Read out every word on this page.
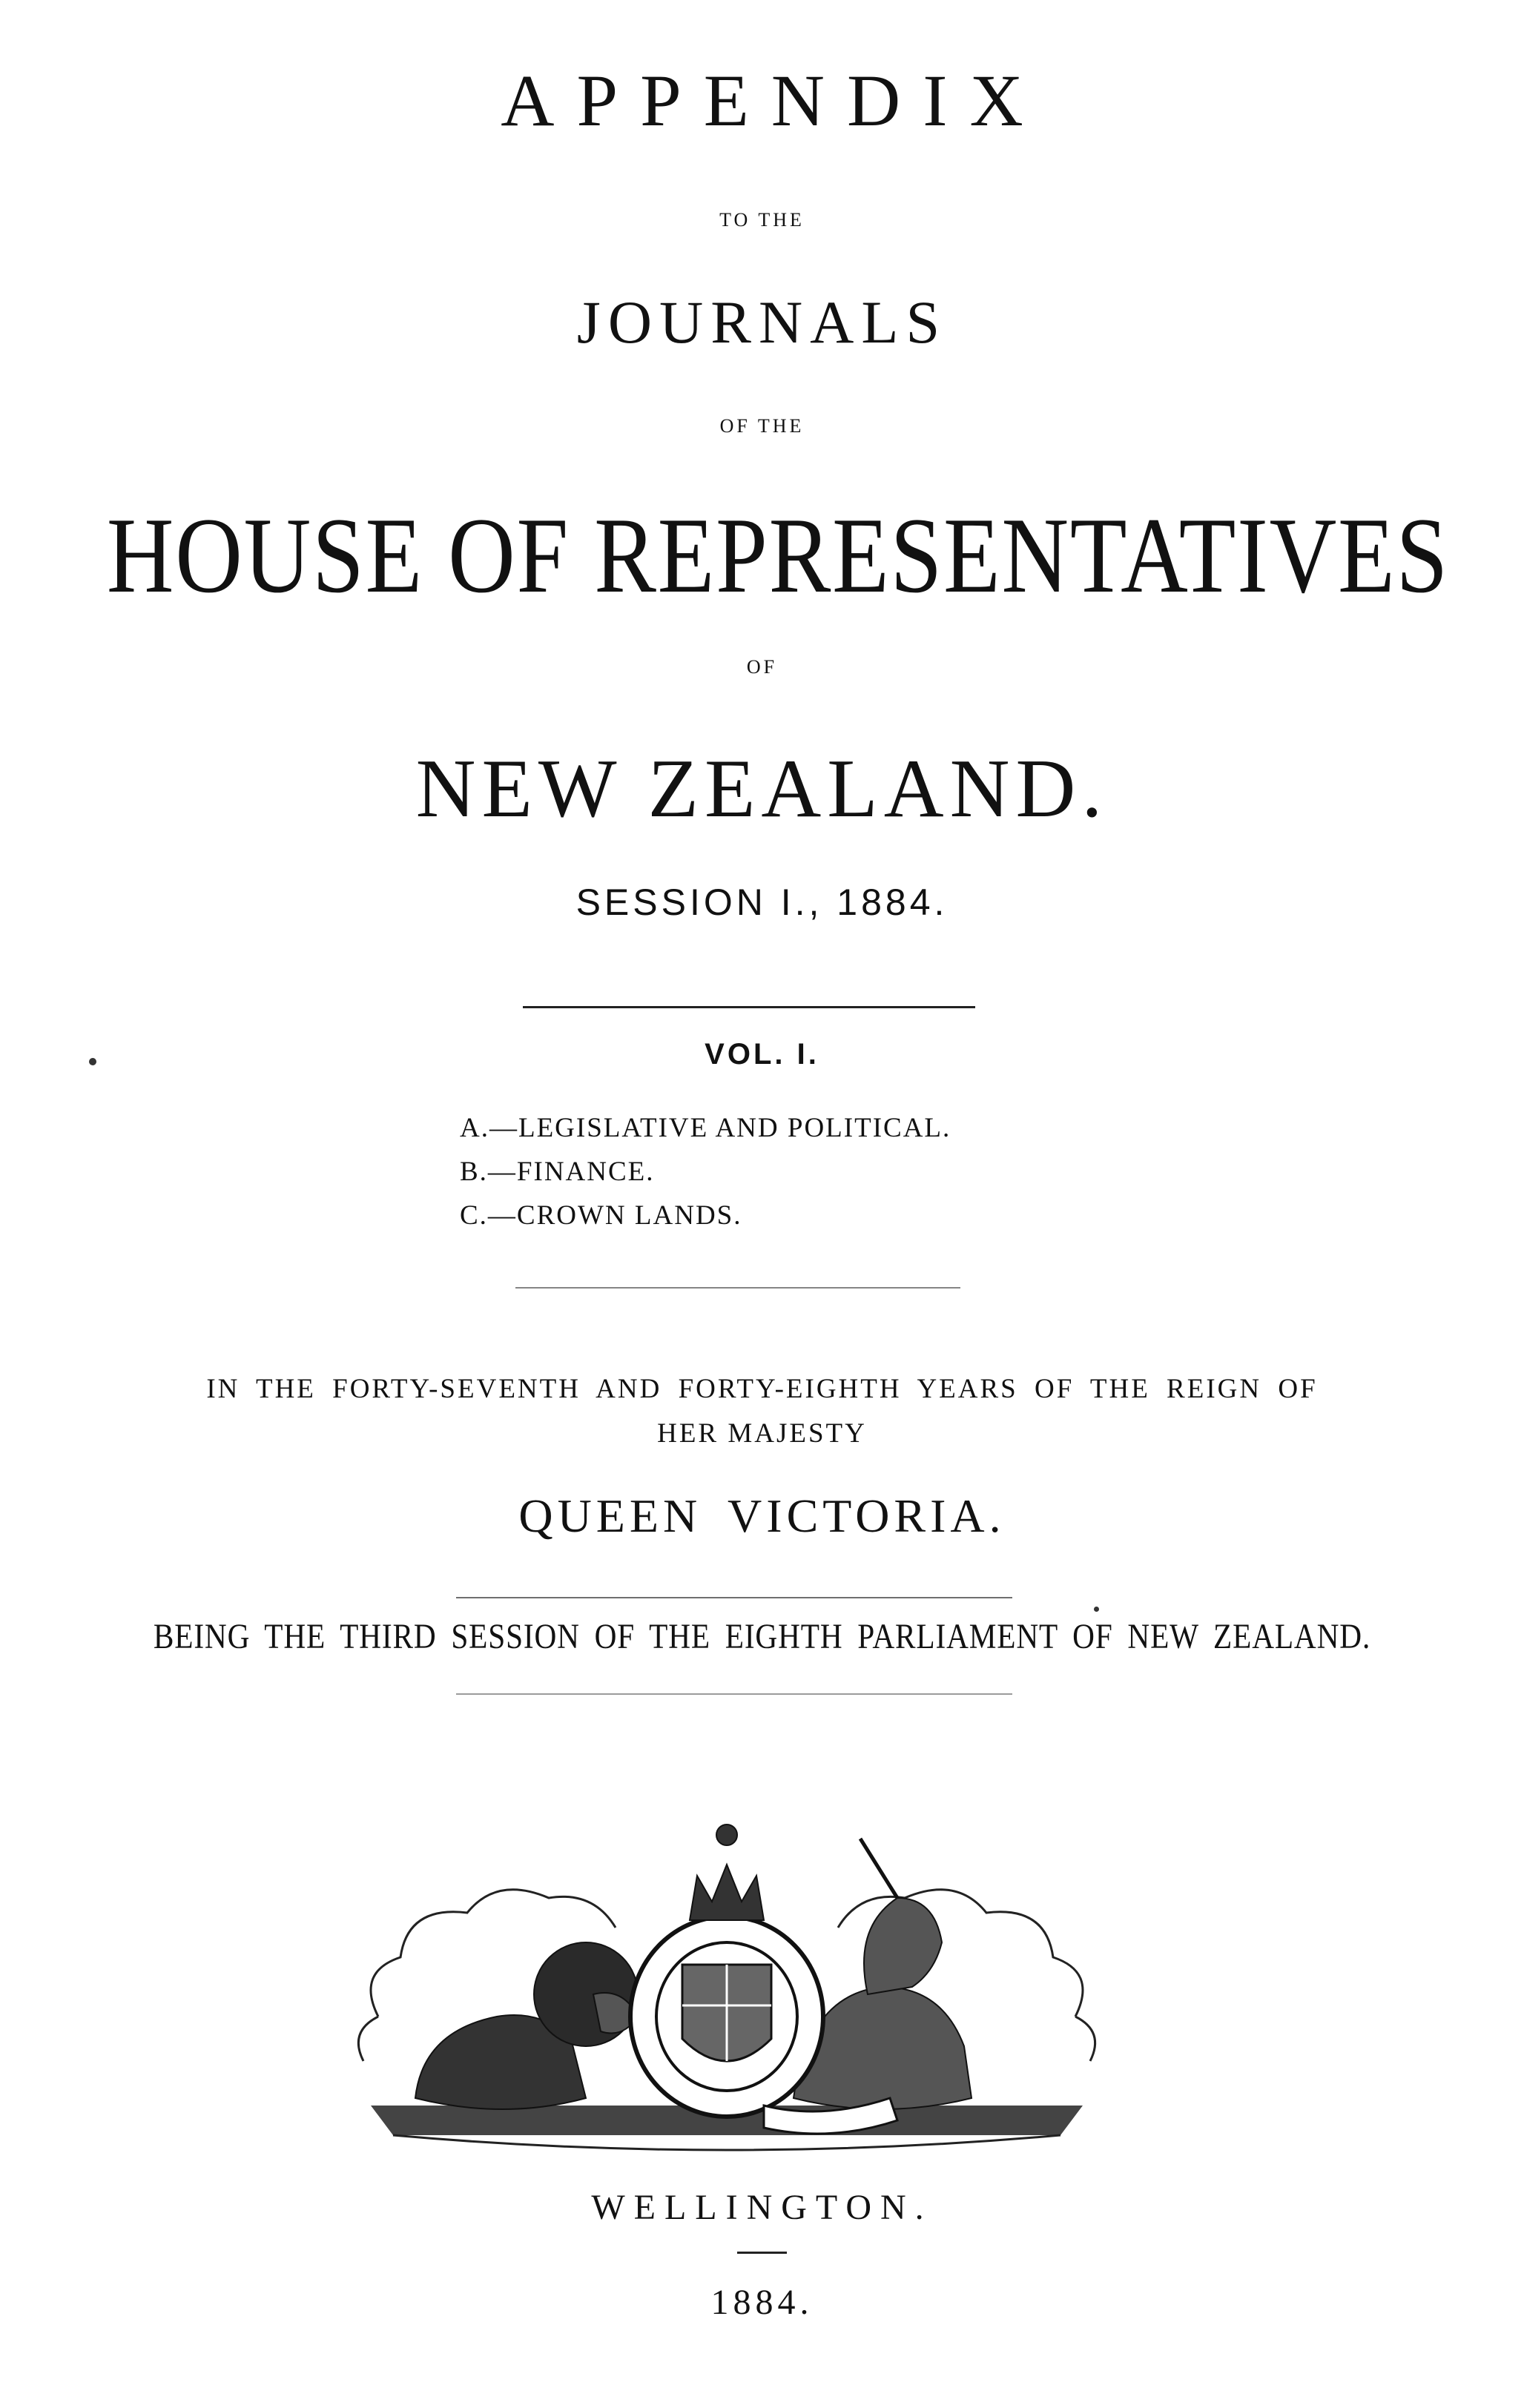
APPENDIX
TO THE
JOURNALS
OF THE
HOUSE OF REPRESENTATIVES
OF
NEW ZEALAND.
SESSION I., 1884.
VOL. I.
A.—LEGISLATIVE AND POLITICAL.
B.—FINANCE.
C.—CROWN LANDS.
IN THE FORTY-SEVENTH AND FORTY-EIGHTH YEARS OF THE REIGN OF
HER MAJESTY
QUEEN VICTORIA.
BEING THE THIRD SESSION OF THE EIGHTH PARLIAMENT OF NEW ZEALAND.
WELLINGTON.
1884.
